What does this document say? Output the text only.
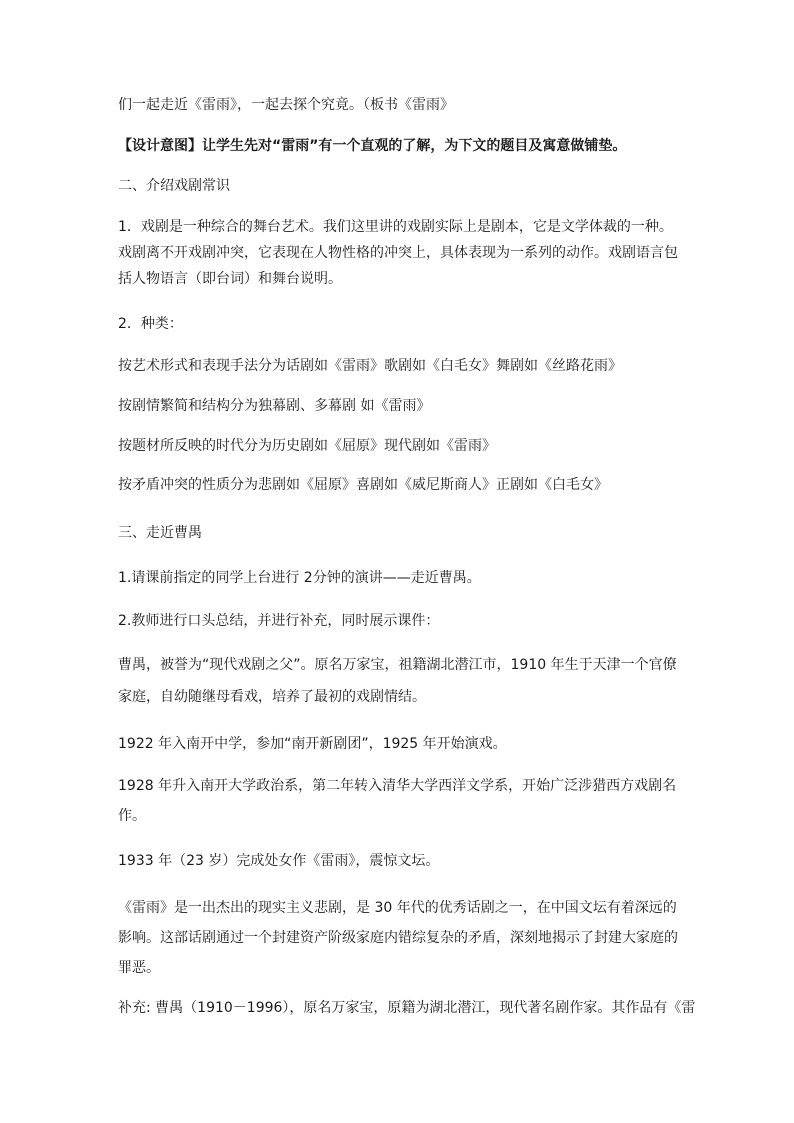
们一起走近《雷雨》，一起去探个究竟。（板书《雷雨》
【设计意图】让学生先对“雷雨”有一个直观的了解，为下文的题目及寓意做铺垫。
二、介绍戏剧常识
1．戏剧是一种综合的舞台艺术。我们这里讲的戏剧实际上是剧本，它是文学体裁的一种。
戏剧离不开戏剧冲突，它表现在人物性格的冲突上，具体表现为一系列的动作。戏剧语言包
括人物语言（即台词）和舞台说明。
2．种类：
按艺术形式和表现手法分为话剧如《雷雨》歌剧如《白毛女》舞剧如《丝路花雨》
按剧情繁简和结构分为独幕剧、多幕剧 如《雷雨》
按题材所反映的时代分为历史剧如《屈原》现代剧如《雷雨》
按矛盾冲突的性质分为悲剧如《屈原》喜剧如《威尼斯商人》正剧如《白毛女》
三、走近曹禺
1.请课前指定的同学上台进行 2分钟的演讲——走近曹禺。
2.教师进行口头总结，并进行补充，同时展示课件：
曹禺，被誉为“现代戏剧之父”。原名万家宝，祖籍湖北潜江市，1910 年生于天津一个官僚
家庭，自幼随继母看戏，培养了最初的戏剧情结。
1922 年入南开中学，参加“南开新剧团”，1925 年开始演戏。
1928 年升入南开大学政治系，第二年转入清华大学西洋文学系，开始广泛涉猎西方戏剧名
作。
1933 年（23 岁）完成处女作《雷雨》，震惊文坛。
《雷雨》是一出杰出的现实主义悲剧，是 30 年代的优秀话剧之一，在中国文坛有着深远的
影响。这部话剧通过一个封建资产阶级家庭内错综复杂的矛盾，深刻地揭示了封建大家庭的
罪恶。
补充: 曹禺（1910－1996），原名万家宝，原籍为湖北潜江，现代著名剧作家。其作品有《雷
